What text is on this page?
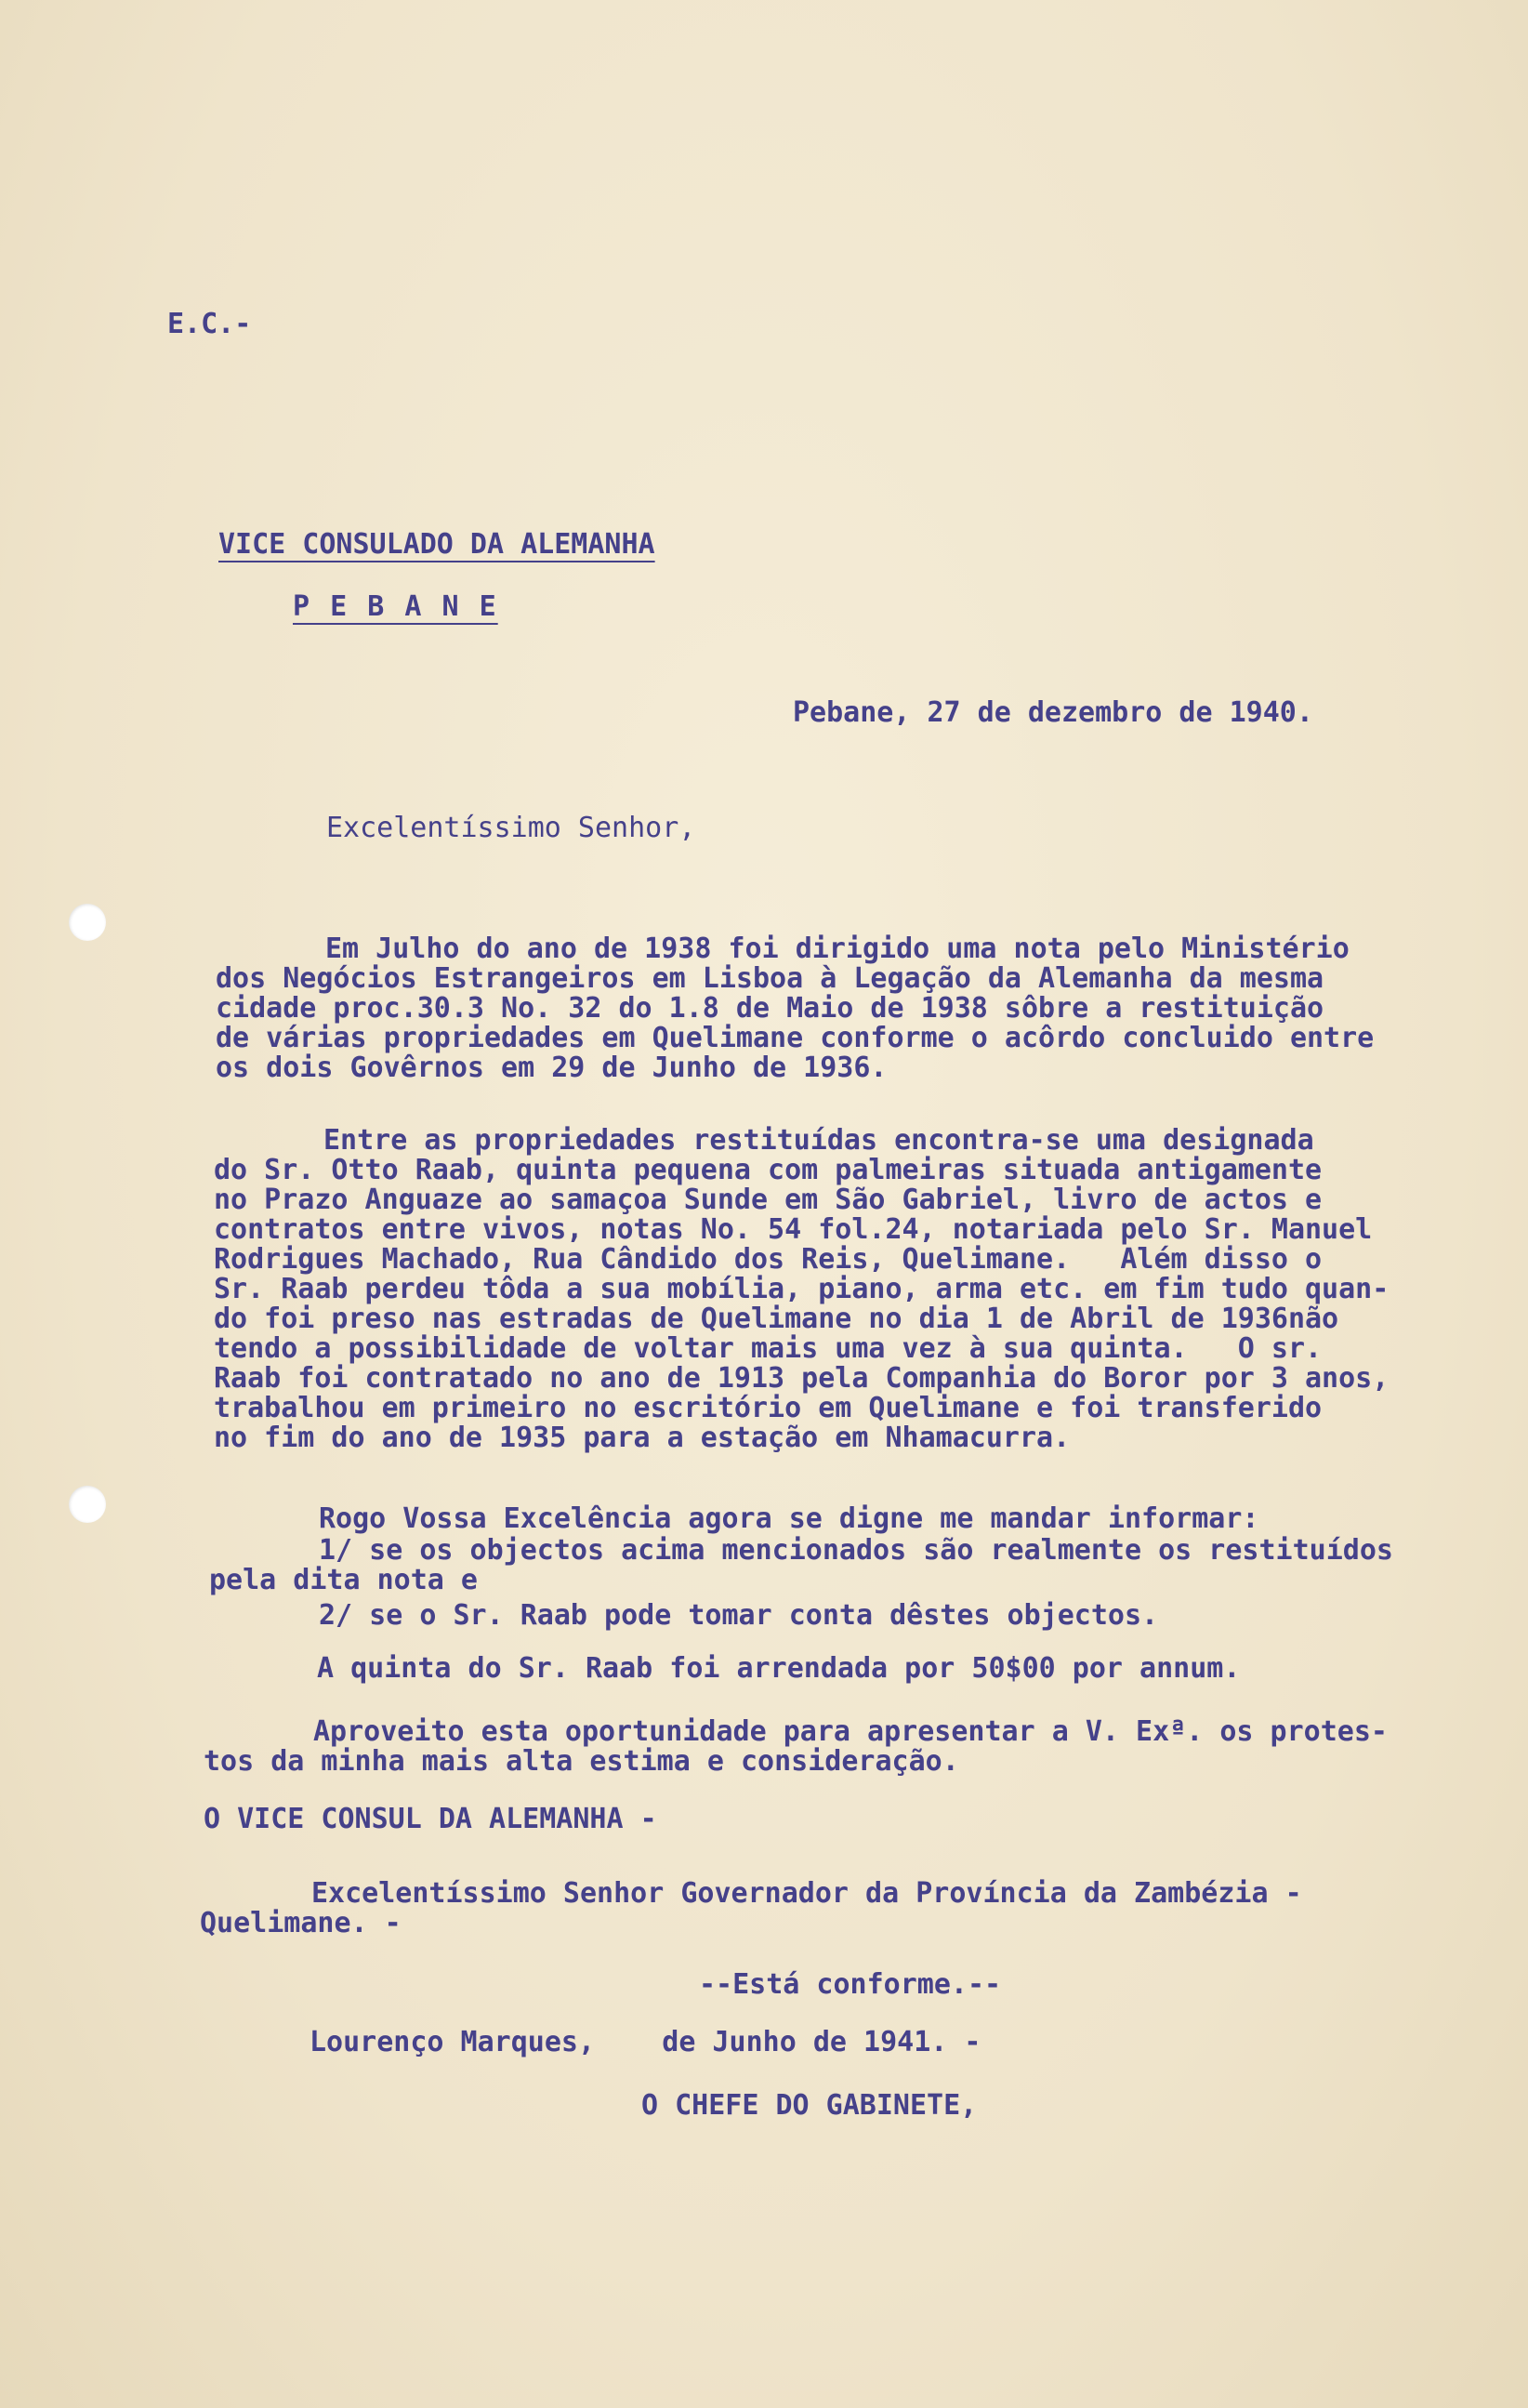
E.C.-
VICE CONSULADO DA ALEMANHA
P E B A N E
Pebane, 27 de dezembro de 1940.
Excelentíssimo Senhor,
Em Julho do ano de 1938 foi dirigido uma nota pelo Ministério
dos Negócios Estrangeiros em Lisboa à Legação da Alemanha da mesma
cidade proc.30.3 No. 32 do 1.8 de Maio de 1938 sôbre a restituição
de várias propriedades em Quelimane conforme o acôrdo concluido entre
os dois Govêrnos em 29 de Junho de 1936.
Entre as propriedades restituídas encontra-se uma designada
do Sr. Otto Raab, quinta pequena com palmeiras situada antigamente
no Prazo Anguaze ao samaçoa Sunde em São Gabriel, livro de actos e
contratos entre vivos, notas No. 54 fol.24, notariada pelo Sr. Manuel
Rodrigues Machado, Rua Cândido dos Reis, Quelimane.   Além disso o
Sr. Raab perdeu tôda a sua mobília, piano, arma etc. em fim tudo quan-
do foi preso nas estradas de Quelimane no dia 1 de Abril de 1936não
tendo a possibilidade de voltar mais uma vez à sua quinta.   O sr.
Raab foi contratado no ano de 1913 pela Companhia do Boror por 3 anos,
trabalhou em primeiro no escritório em Quelimane e foi transferido
no fim do ano de 1935 para a estação em Nhamacurra.
Rogo Vossa Excelência agora se digne me mandar informar:
1/ se os objectos acima mencionados são realmente os restituídos
pela dita nota e
2/ se o Sr. Raab pode tomar conta dêstes objectos.
A quinta do Sr. Raab foi arrendada por 50$00 por annum.
Aproveito esta oportunidade para apresentar a V. Exª. os protes-
tos da minha mais alta estima e consideração.
O VICE CONSUL DA ALEMANHA -
Excelentíssimo Senhor Governador da Província da Zambézia -
Quelimane. -
--Está conforme.--
Lourenço Marques,    de Junho de 1941. -
O CHEFE DO GABINETE,
